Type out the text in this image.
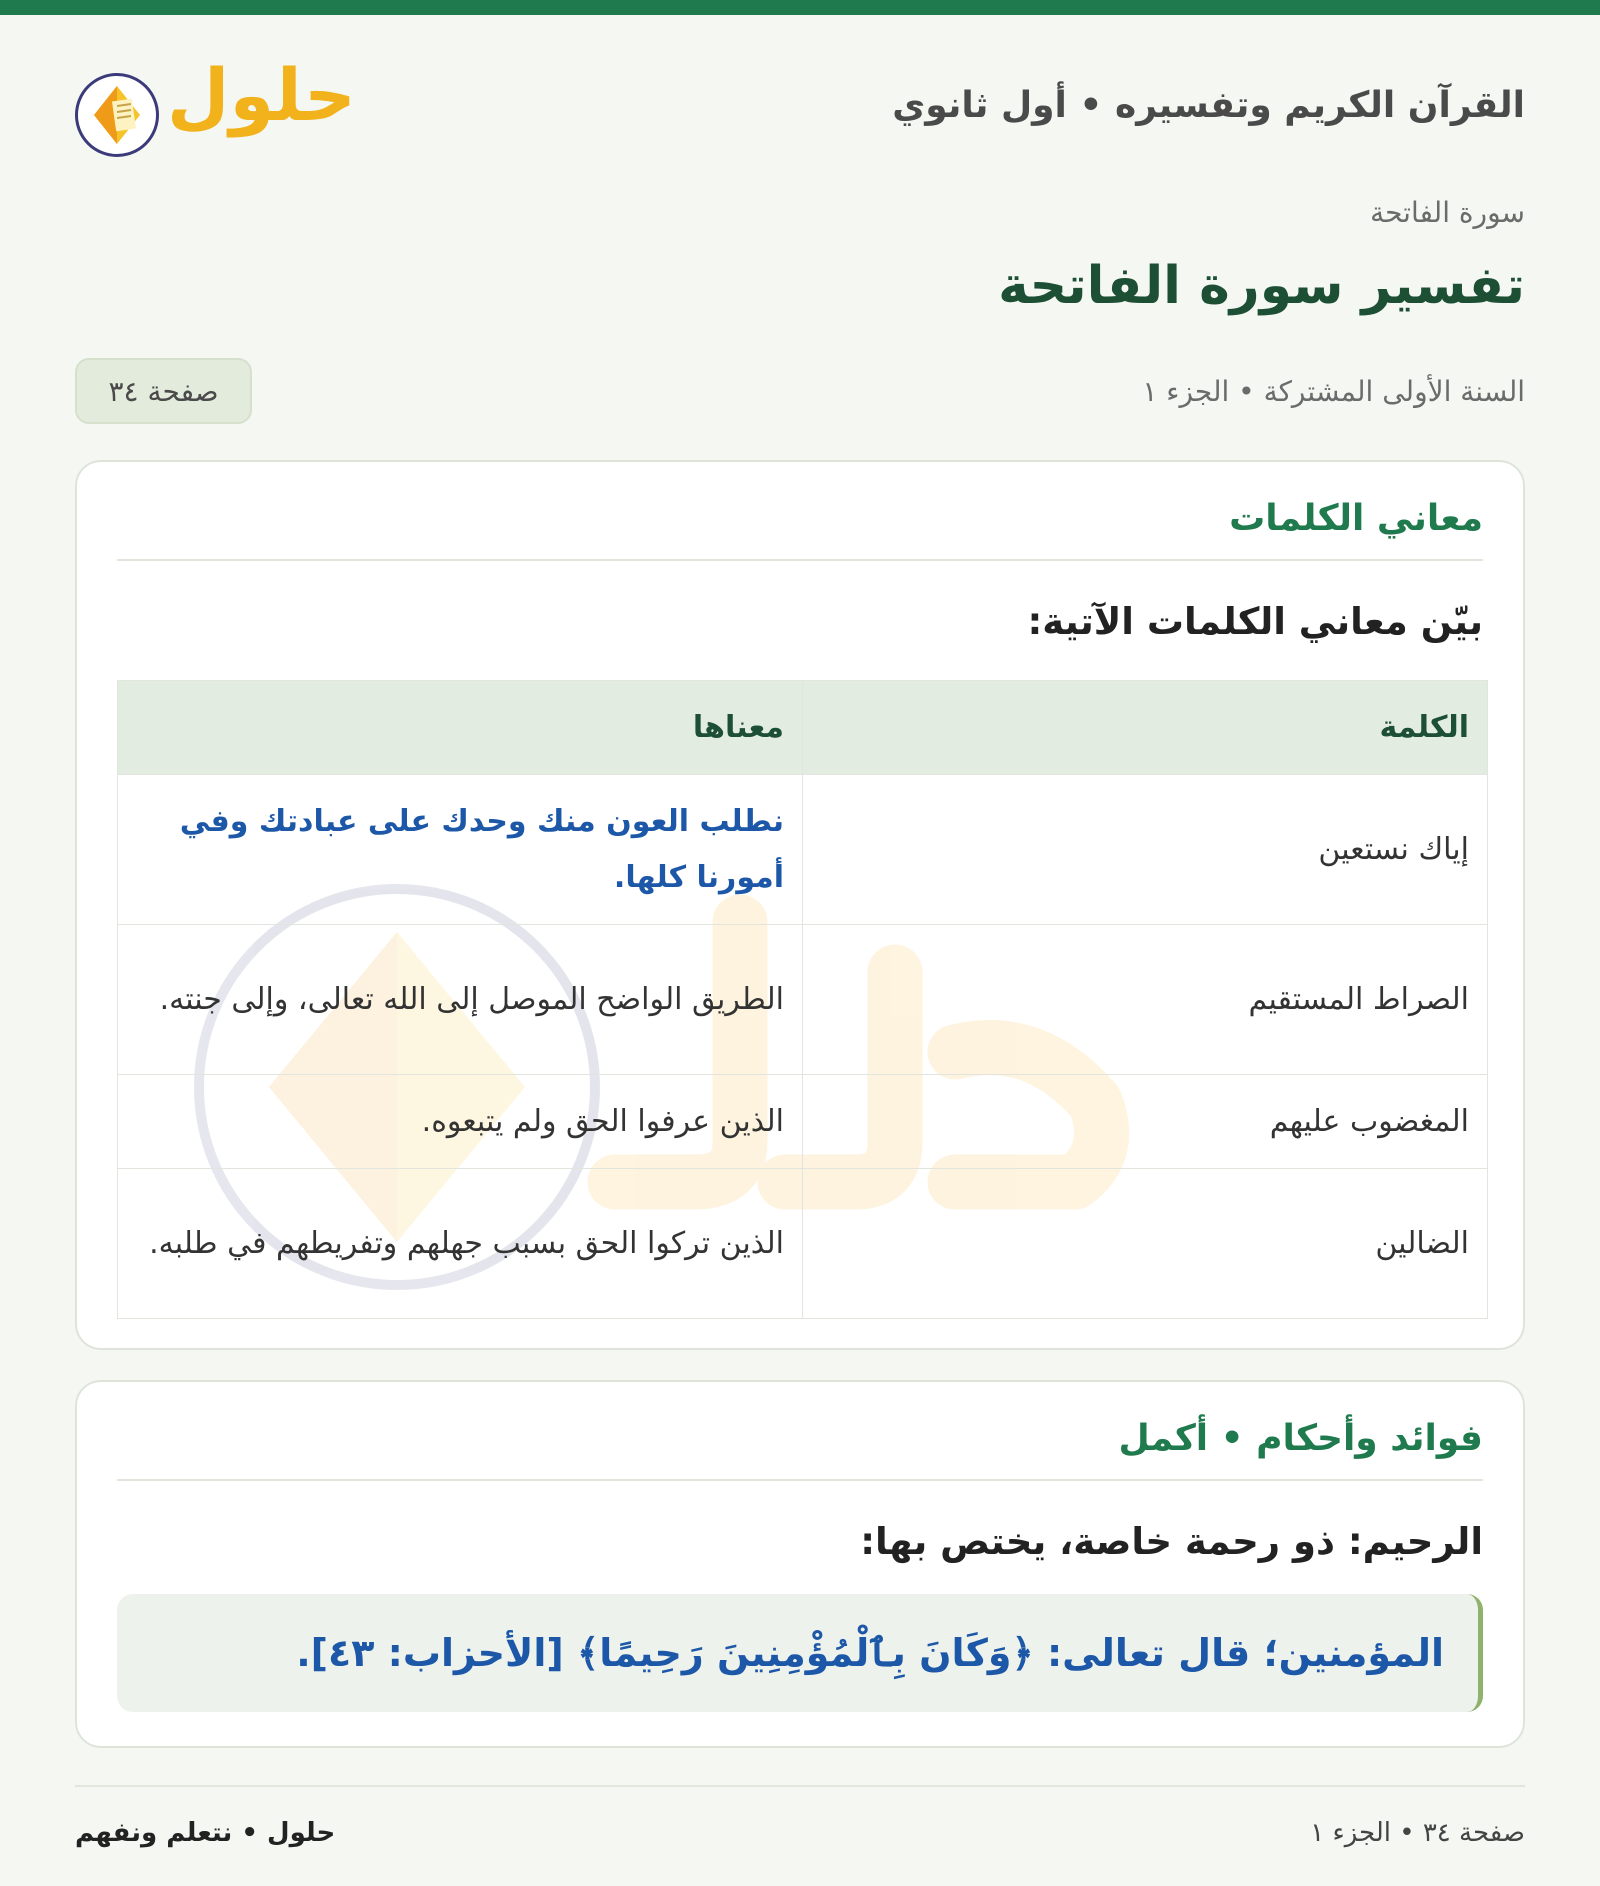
القرآن الكريم وتفسيره • أول ثانوي
حلول
سورة الفاتحة
تفسير سورة الفاتحة
السنة الأولى المشتركة • الجزء ١
صفحة ٣٤
معاني الكلمات
بيّن معاني الكلمات الآتية:
الكلمة	معناها
إياك نستعين	نطلب العون منك وحدك على عبادتك وفي أمورنا كلها.
الصراط المستقيم	الطريق الواضح الموصل إلى الله تعالى، وإلى جنته.
المغضوب عليهم	الذين عرفوا الحق ولم يتبعوه.
الضالين	الذين تركوا الحق بسبب جهلهم وتفريطهم في طلبه.
فوائد وأحكام • أكمل
الرحيم: ذو رحمة خاصة، يختص بها:
المؤمنين؛ قال تعالى: ﴿وَكَانَ بِٱلْمُؤْمِنِينَ رَحِيمًا﴾ [الأحزاب: ٤٣].
صفحة ٣٤ • الجزء ١
حلول • نتعلم ونفهم
